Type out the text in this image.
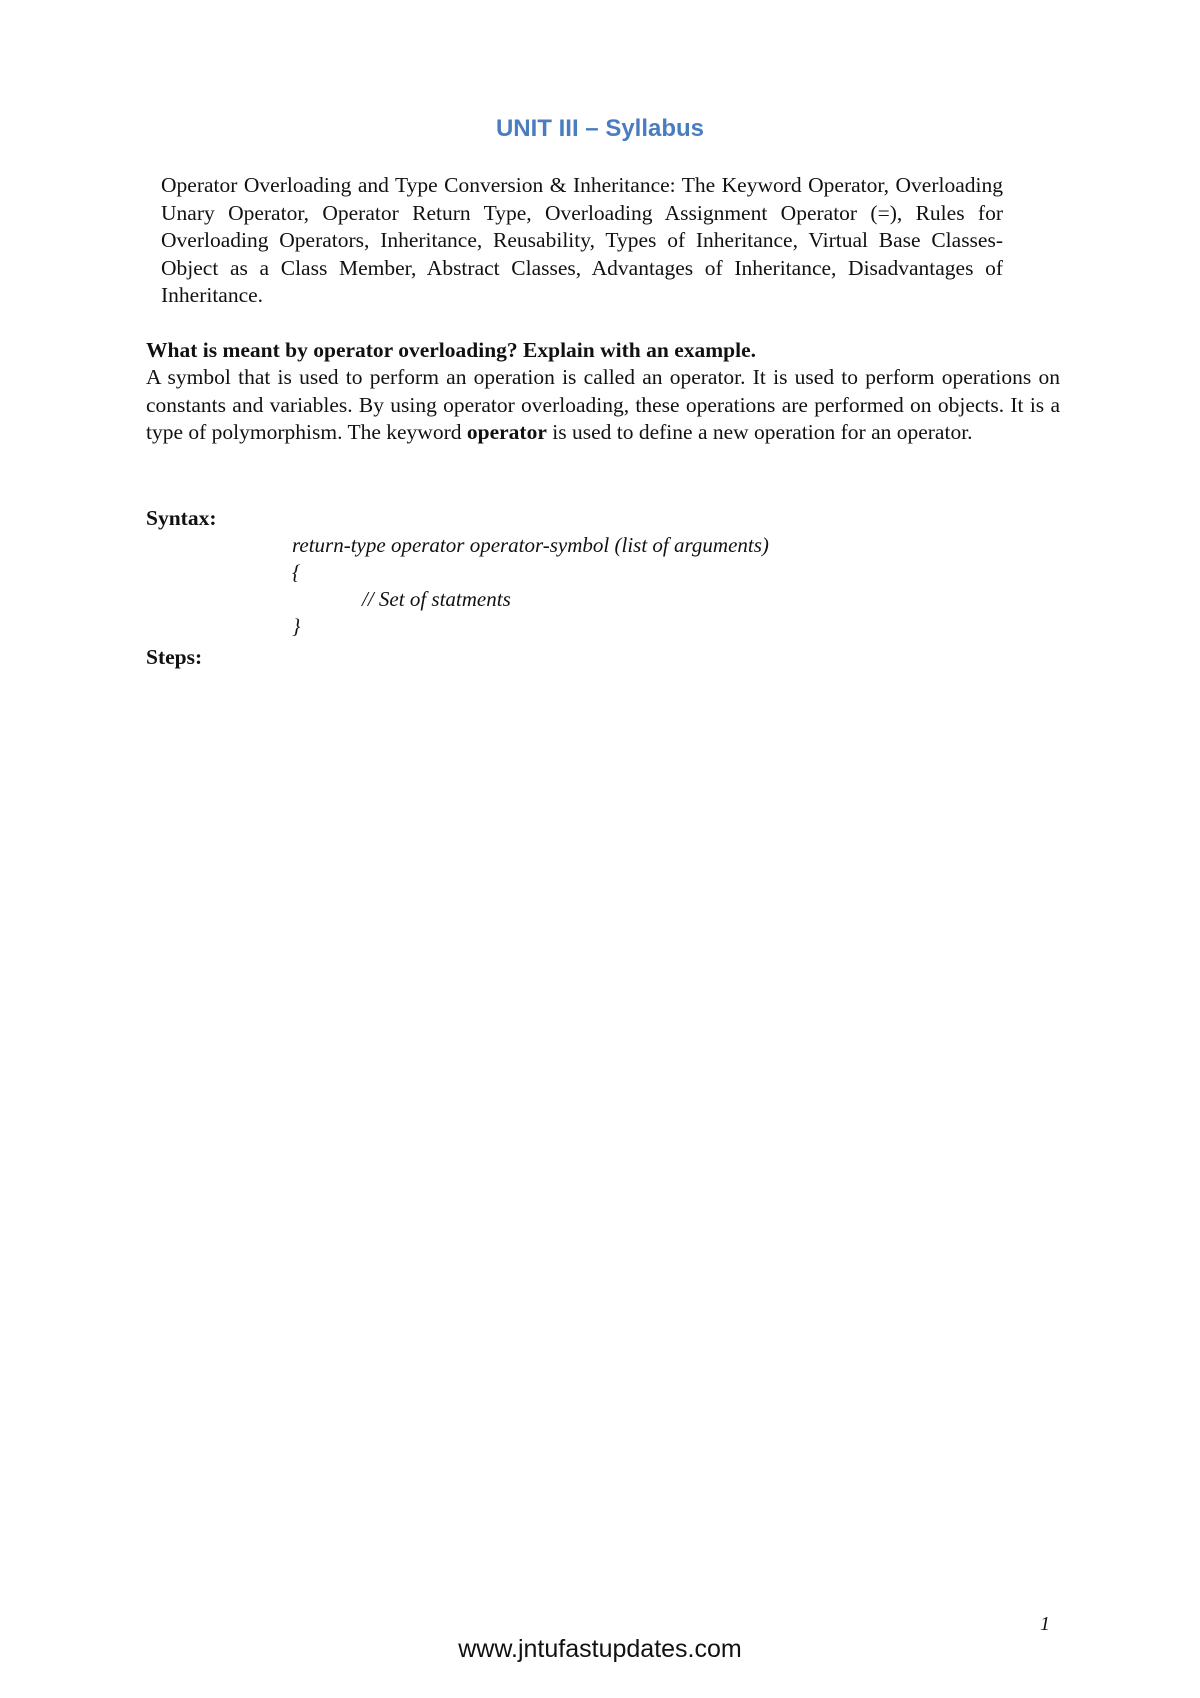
UNIT III – Syllabus
Operator Overloading and Type Conversion & Inheritance: The Keyword Operator, Overloading Unary Operator, Operator Return Type, Overloading Assignment Operator (=), Rules for Overloading Operators, Inheritance, Reusability, Types of Inheritance, Virtual Base Classes- Object as a Class Member, Abstract Classes, Advantages of Inheritance, Disadvantages of Inheritance.
What is meant by operator overloading? Explain with an example.
A symbol that is used to perform an operation is called an operator. It is used to perform operations on constants and variables. By using operator overloading, these operations are performed on objects. It is a type of polymorphism. The keyword operator is used to define a new operation for an operator.
Syntax:
return-type operator operator-symbol (list of arguments)
{
// Set of statments
}
Steps:
1
www.jntufastupdates.com
